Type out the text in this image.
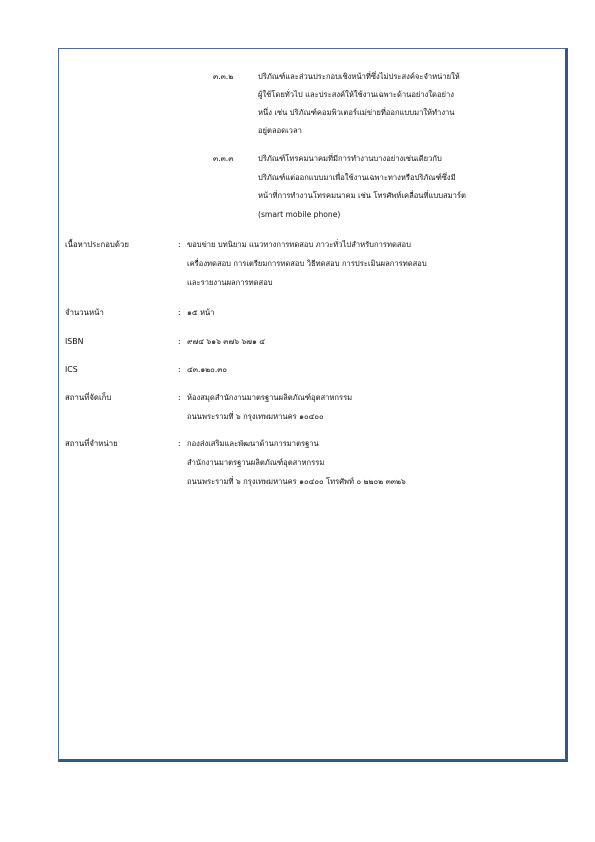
๓.๓.๒	ปริภัณฑ์และส่วนประกอบเชิงหน้าที่ซึ่งไม่ประสงค์จะจำหน่ายให้
ผู้ใช้โดยทั่วไป และประสงค์ให้ใช้งานเฉพาะด้านอย่างใดอย่าง
หนึ่ง เช่น ปริภัณฑ์คอมพิวเตอร์แม่ข่ายที่ออกแบบมาให้ทำงาน
อยู่ตลอดเวลา
๓.๓.๓	ปริภัณฑ์โทรคมนาคมที่มีการทำงานบางอย่างเช่นเดียวกับ
ปริภัณฑ์แต่ออกแบบมาเพื่อใช้งานเฉพาะทางหรือปริภัณฑ์ซึ่งมี
หน้าที่การทำงานโทรคมนาคม เช่น โทรศัพท์เคลื่อนที่แบบสมาร์ต
(smart mobile phone)
เนื้อหาประกอบด้วย	: ขอบข่าย บทนิยาม แนวทางการทดสอบ ภาวะทั่วไปสำหรับการทดสอบ
เครื่องทดสอบ การเตรียมการทดสอบ วิธีทดสอบ การประเมินผลการทดสอบ
และรายงานผลการทดสอบ
จำนวนหน้า	: ๑๕ หน้า
ISBN	: ๙๗๔ ๖๑๖ ๓๗๖ ๖๗๑ ๔
ICS	: ๔๓.๑๒๐.๓๐
สถานที่จัดเก็บ	: ห้องสมุดสำนักงานมาตรฐานผลิตภัณฑ์อุตสาหกรรม
ถนนพระรามที่ ๖ กรุงเทพมหานคร ๑๐๔๐๐
สถานที่จำหน่าย	: กองส่งเสริมและพัฒนาด้านการมาตรฐาน
สำนักงานมาตรฐานผลิตภัณฑ์อุตสาหกรรม
ถนนพระรามที่ ๖ กรุงเทพมหานคร ๑๐๔๐๐ โทรศัพท์ ๐ ๒๒๐๒ ๓๓๒๖
